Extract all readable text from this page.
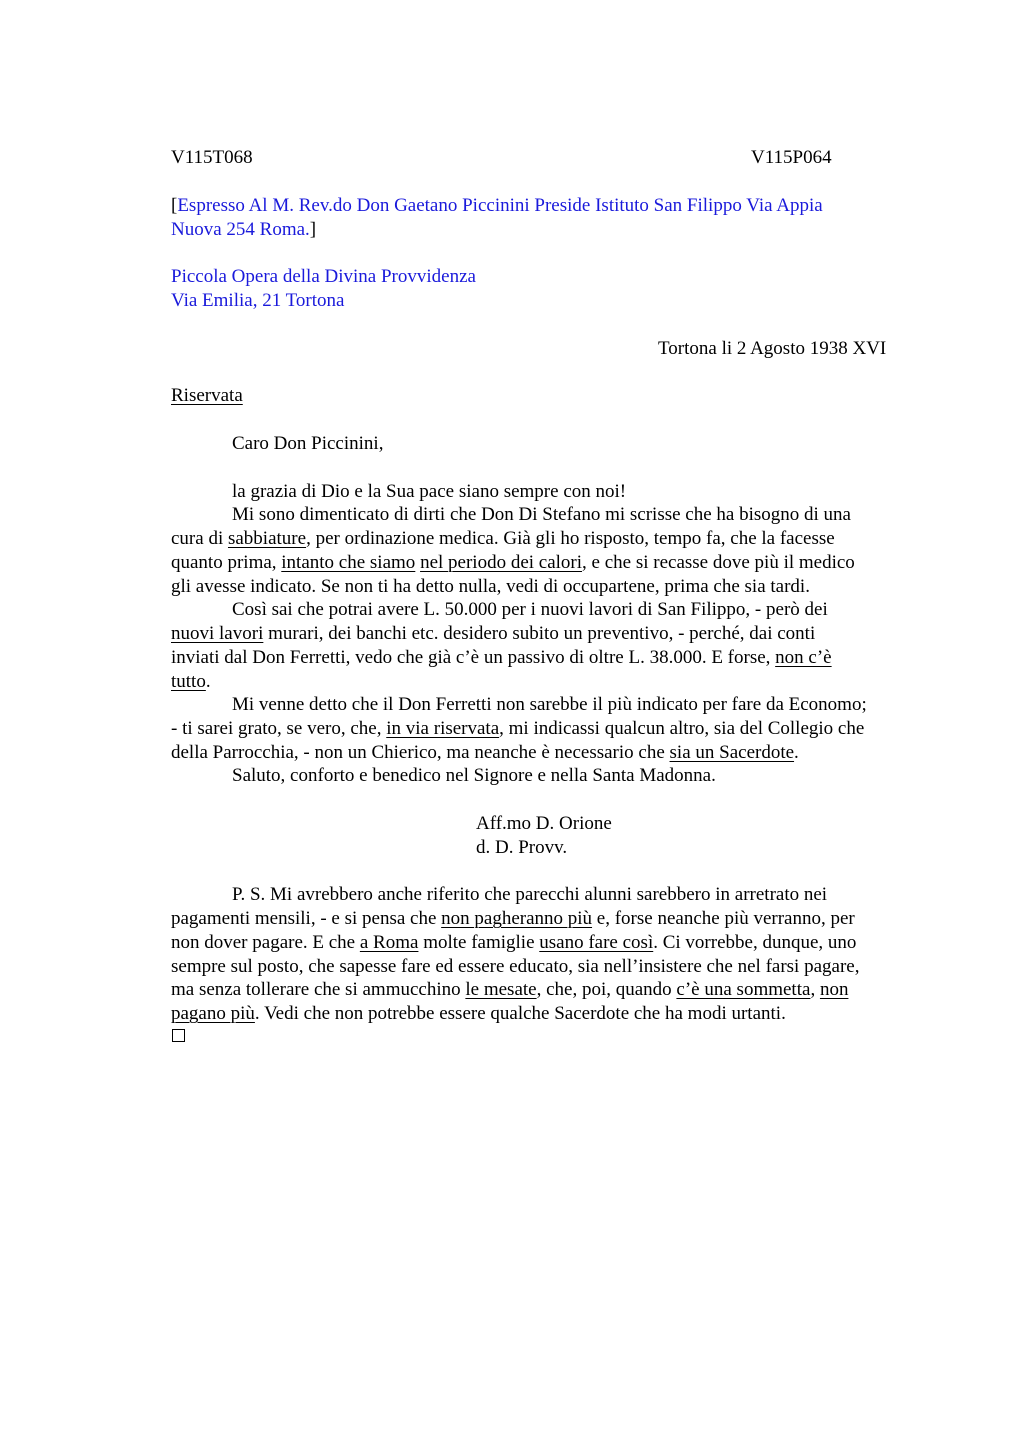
V115T068	V115P064
[Espresso Al M. Rev.do Don Gaetano Piccinini Preside Istituto San Filippo Via Appia
Nuova 254 Roma.]
Piccola Opera della Divina Provvidenza
Via Emilia, 21 Tortona
Tortona li 2 Agosto 1938 XVI
Riservata
Caro Don Piccinini,
la grazia di Dio e la Sua pace siano sempre con noi!
Mi sono dimenticato di dirti che Don Di Stefano mi scrisse che ha bisogno di una
cura di sabbiature, per ordinazione medica. Già gli ho risposto, tempo fa, che la facesse
quanto prima, intanto che siamo nel periodo dei calori, e che si recasse dove più il medico
gli avesse indicato. Se non ti ha detto nulla, vedi di occupartene, prima che sia tardi.
Così sai che potrai avere L. 50.000 per i nuovi lavori di San Filippo, - però dei
nuovi lavori murari, dei banchi etc. desidero subito un preventivo, - perché, dai conti
inviati dal Don Ferretti, vedo che già c’è un passivo di oltre L. 38.000. E forse, non c’è
tutto.
Mi venne detto che il Don Ferretti non sarebbe il più indicato per fare da Economo;
- ti sarei grato, se vero, che, in via riservata, mi indicassi qualcun altro, sia del Collegio che
della Parrocchia, - non un Chierico, ma neanche è necessario che sia un Sacerdote.
Saluto, conforto e benedico nel Signore e nella Santa Madonna.
Aff.mo D. Orione
d. D. Provv.
P. S. Mi avrebbero anche riferito che parecchi alunni sarebbero in arretrato nei
pagamenti mensili, - e si pensa che non pagheranno più e, forse neanche più verranno, per
non dover pagare. E che a Roma molte famiglie usano fare così. Ci vorrebbe, dunque, uno
sempre sul posto, che sapesse fare ed essere educato, sia nell’insistere che nel farsi pagare,
ma senza tollerare che si ammucchino le mesate, che, poi, quando c’è una sommetta, non
pagano più. Vedi che non potrebbe essere qualche Sacerdote che ha modi urtanti.
